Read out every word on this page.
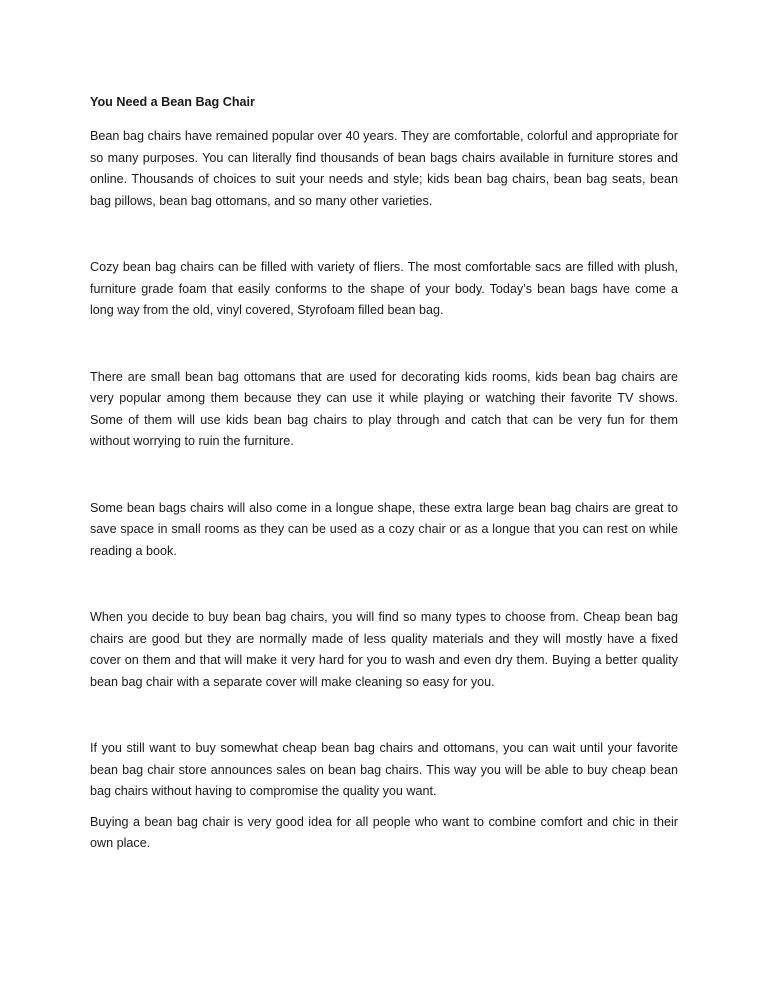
You Need a Bean Bag Chair

Bean bag chairs have remained popular over 40 years. They are comfortable, colorful and appropriate for so many purposes. You can literally find thousands of bean bags chairs available in furniture stores and online. Thousands of choices to suit your needs and style; kids bean bag chairs, bean bag seats, bean bag pillows, bean bag ottomans, and so many other varieties.

Cozy bean bag chairs can be filled with variety of fliers. The most comfortable sacs are filled with plush, furniture grade foam that easily conforms to the shape of your body. Today’s bean bags have come a long way from the old, vinyl covered, Styrofoam filled bean bag.

There are small bean bag ottomans that are used for decorating kids rooms, kids bean bag chairs are very popular among them because they can use it while playing or watching their favorite TV shows. Some of them will use kids bean bag chairs to play through and catch that can be very fun for them without worrying to ruin the furniture.

Some bean bags chairs will also come in a longue shape, these extra large bean bag chairs are great to save space in small rooms as they can be used as a cozy chair or as a longue that you can rest on while reading a book.

When you decide to buy bean bag chairs, you will find so many types to choose from. Cheap bean bag chairs are good but they are normally made of less quality materials and they will mostly have a fixed cover on them and that will make it very hard for you to wash and even dry them. Buying a better quality bean bag chair with a separate cover will make cleaning so easy for you.

If you still want to buy somewhat cheap bean bag chairs and ottomans, you can wait until your favorite bean bag chair store announces sales on bean bag chairs. This way you will be able to buy cheap bean bag chairs without having to compromise the quality you want.

Buying a bean bag chair is very good idea for all people who want to combine comfort and chic in their own place.
